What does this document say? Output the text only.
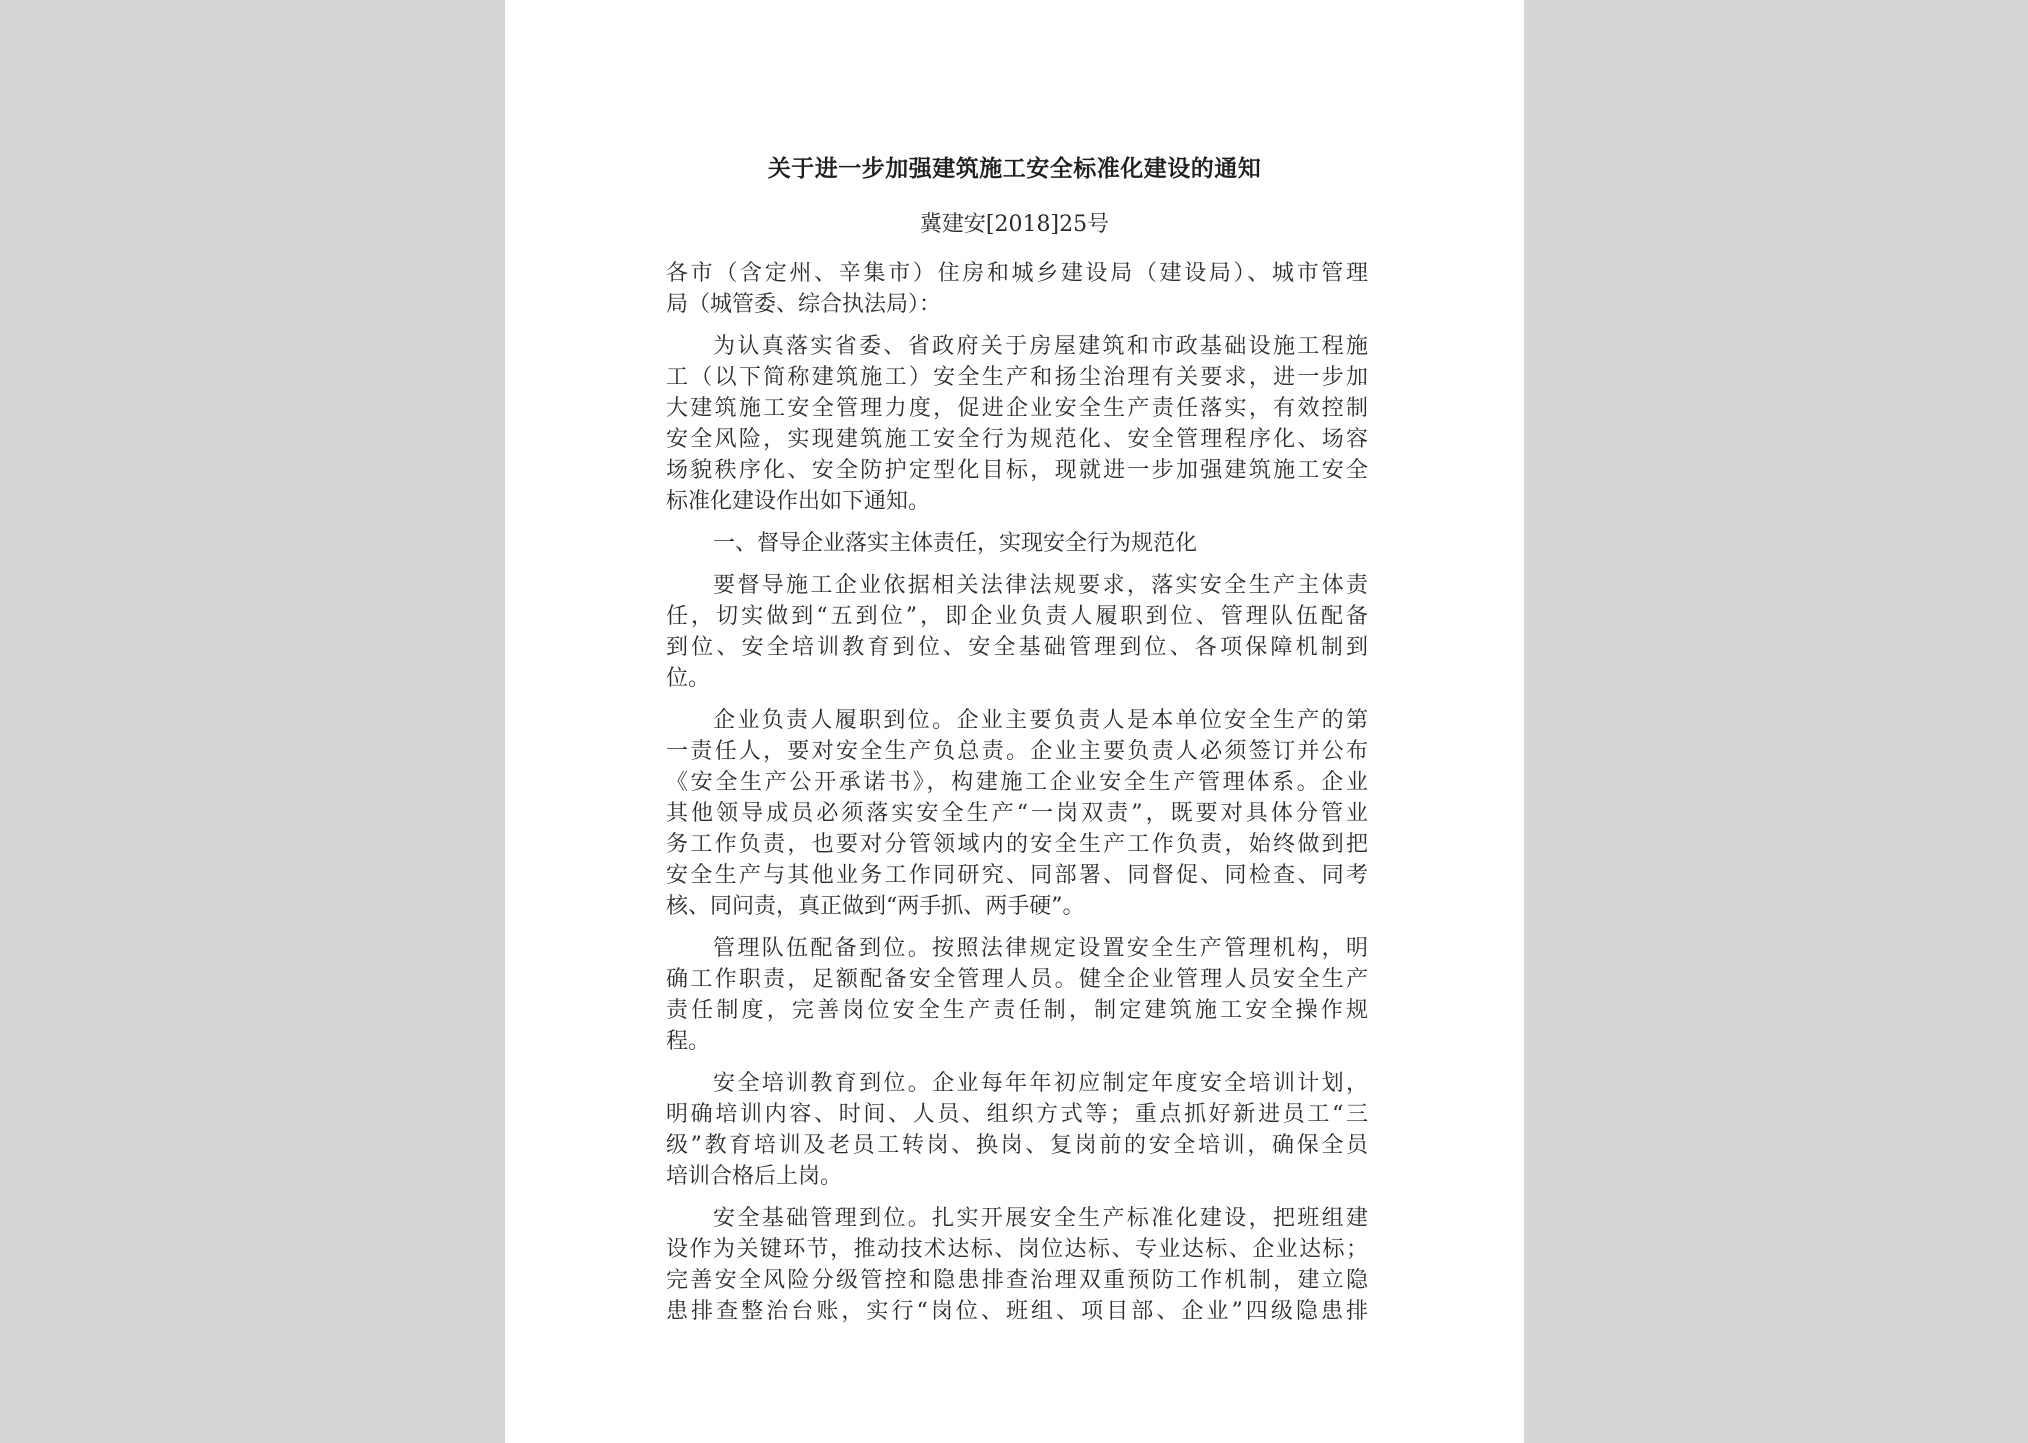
关于进一步加强建筑施工安全标准化建设的通知
冀建安[2018]25号
各市（含定州、辛集市）住房和城乡建设局（建设局）、城市管理
局（城管委、综合执法局）：
为认真落实省委、省政府关于房屋建筑和市政基础设施工程施
工（以下简称建筑施工）安全生产和扬尘治理有关要求，进一步加
大建筑施工安全管理力度，促进企业安全生产责任落实，有效控制
安全风险，实现建筑施工安全行为规范化、安全管理程序化、场容
场貌秩序化、安全防护定型化目标，现就进一步加强建筑施工安全
标准化建设作出如下通知。
一、督导企业落实主体责任，实现安全行为规范化
要督导施工企业依据相关法律法规要求，落实安全生产主体责
任，切实做到“五到位”，即企业负责人履职到位、管理队伍配备
到位、安全培训教育到位、安全基础管理到位、各项保障机制到
位。
企业负责人履职到位。企业主要负责人是本单位安全生产的第
一责任人，要对安全生产负总责。企业主要负责人必须签订并公布
《安全生产公开承诺书》，构建施工企业安全生产管理体系。企业
其他领导成员必须落实安全生产“一岗双责”，既要对具体分管业
务工作负责，也要对分管领域内的安全生产工作负责，始终做到把
安全生产与其他业务工作同研究、同部署、同督促、同检查、同考
核、同问责，真正做到“两手抓、两手硬”。
管理队伍配备到位。按照法律规定设置安全生产管理机构，明
确工作职责，足额配备安全管理人员。健全企业管理人员安全生产
责任制度，完善岗位安全生产责任制，制定建筑施工安全操作规
程。
安全培训教育到位。企业每年年初应制定年度安全培训计划，
明确培训内容、时间、人员、组织方式等；重点抓好新进员工“三
级”教育培训及老员工转岗、换岗、复岗前的安全培训，确保全员
培训合格后上岗。
安全基础管理到位。扎实开展安全生产标准化建设，把班组建
设作为关键环节，推动技术达标、岗位达标、专业达标、企业达标；
完善安全风险分级管控和隐患排查治理双重预防工作机制，建立隐
患排查整治台账，实行“岗位、班组、项目部、企业”四级隐患排
